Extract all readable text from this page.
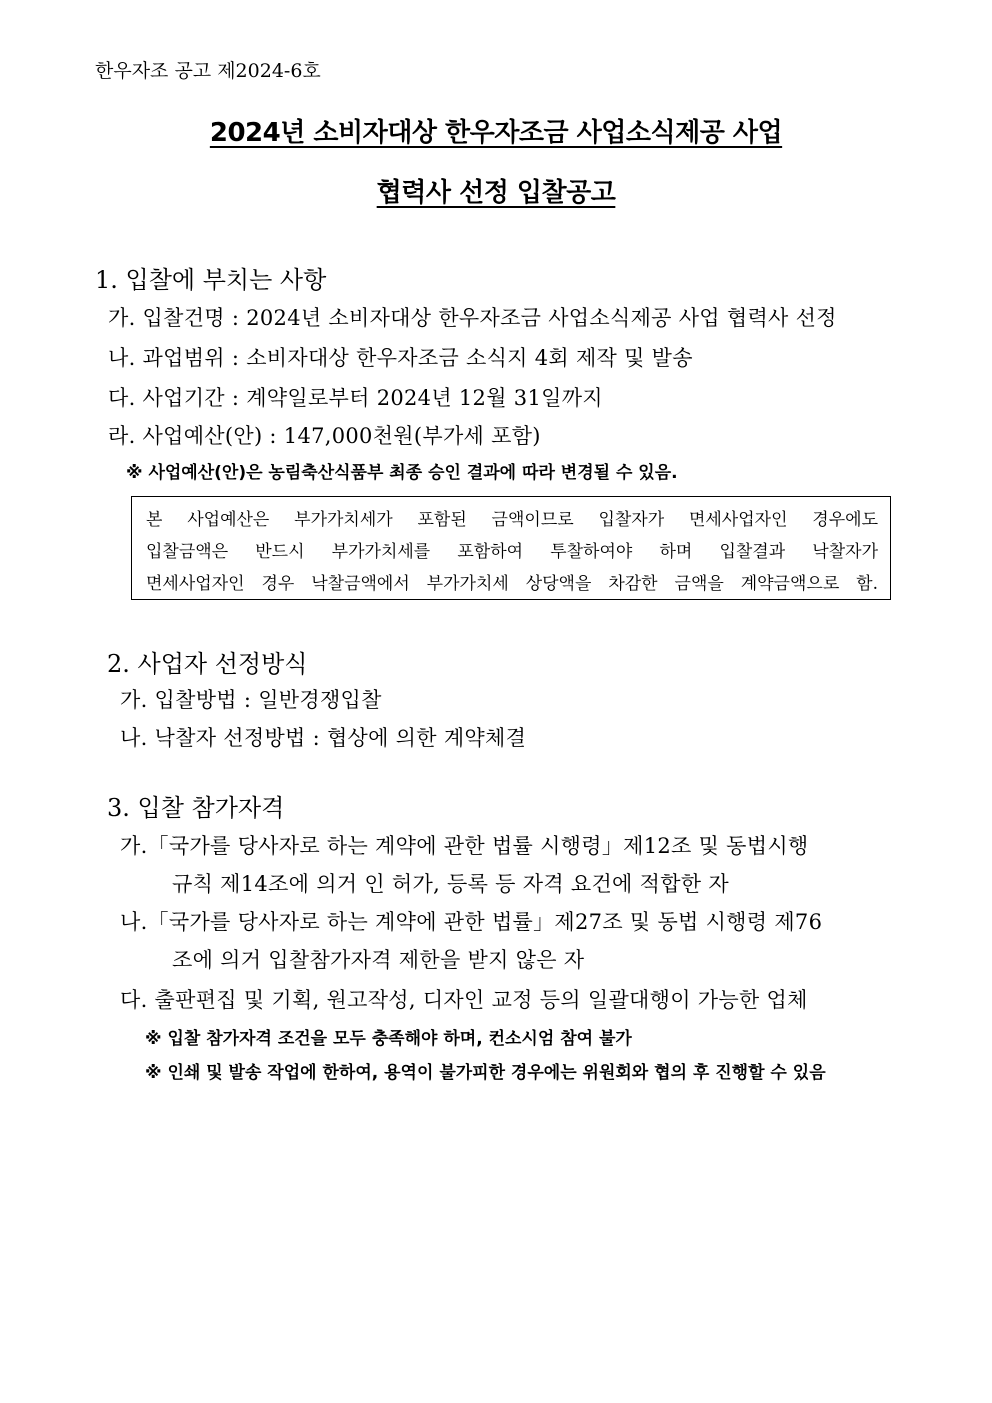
한우자조 공고 제2024-6호
2024년 소비자대상 한우자조금 사업소식제공 사업
협력사 선정 입찰공고
1. 입찰에 부치는 사항
가. 입찰건명 : 2024년 소비자대상 한우자조금 사업소식제공 사업 협력사 선정
나. 과업범위 : 소비자대상 한우자조금 소식지 4회 제작 및 발송
다. 사업기간 : 계약일로부터 2024년 12월 31일까지
라. 사업예산(안) : 147,000천원(부가세 포함)
※ 사업예산(안)은 농림축산식품부 최종 승인 결과에 따라 변경될 수 있음.
본 사업예산은 부가가치세가 포함된 금액이므로 입찰자가 면세사업자인 경우에도
입찰금액은 반드시 부가가치세를 포함하여 투찰하여야 하며 입찰결과 낙찰자가
면세사업자인 경우 낙찰금액에서 부가가치세 상당액을 차감한 금액을 계약금액으로 함.
2. 사업자 선정방식
가. 입찰방법 : 일반경쟁입찰
나. 낙찰자 선정방법 : 협상에 의한 계약체결
3. 입찰 참가자격
가.「국가를 당사자로 하는 계약에 관한 법률 시행령」제12조 및 동법시행
규칙 제14조에 의거 인 허가, 등록 등 자격 요건에 적합한 자
나.「국가를 당사자로 하는 계약에 관한 법률」제27조 및 동법 시행령 제76
조에 의거 입찰참가자격 제한을 받지 않은 자
다. 출판편집 및 기획, 원고작성, 디자인 교정 등의 일괄대행이 가능한 업체
※ 입찰 참가자격 조건을 모두 충족해야 하며, 컨소시엄 참여 불가
※ 인쇄 및 발송 작업에 한하여, 용역이 불가피한 경우에는 위원회와 협의 후 진행할 수 있음
